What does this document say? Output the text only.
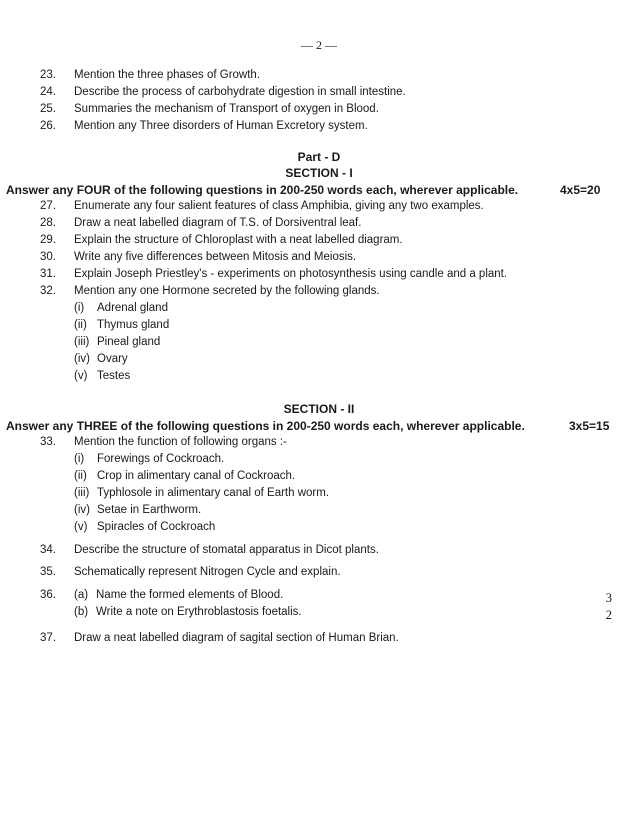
— 2 —
23. Mention the three phases of Growth.
24. Describe the process of carbohydrate digestion in small intestine.
25. Summaries the mechanism of Transport of oxygen in Blood.
26. Mention any Three disorders of Human Excretory system.
Part - D
SECTION - I
Answer any FOUR of the following questions in 200-250 words each, wherever applicable.	4x5=20
27. Enumerate any four salient features of class Amphibia, giving any two examples.
28. Draw a neat labelled diagram of T.S. of Dorsiventral leaf.
29. Explain the structure of Chloroplast with a neat labelled diagram.
30. Write any five differences between Mitosis and Meiosis.
31. Explain Joseph Priestley's - experiments on photosynthesis using candle and a plant.
32. Mention any one Hormone secreted by the following glands.
(i) Adrenal gland
(ii) Thymus gland
(iii) Pineal gland
(iv) Ovary
(v) Testes
SECTION - II
Answer any THREE of the following questions in 200-250 words each, wherever applicable.	3x5=15
33. Mention the function of following organs :-
(i) Forewings of Cockroach.
(ii) Crop in alimentary canal of Cockroach.
(iii) Typhlosole in alimentary canal of Earth worm.
(iv) Setae in Earthworm.
(v) Spiracles of Cockroach
34. Describe the structure of stomatal apparatus in Dicot plants.
35. Schematically represent Nitrogen Cycle and explain.
36. (a) Name the formed elements of Blood.	3
(b) Write a note on Erythroblastosis foetalis.	2
37. Draw a neat labelled diagram of sagital section of Human Brian.
